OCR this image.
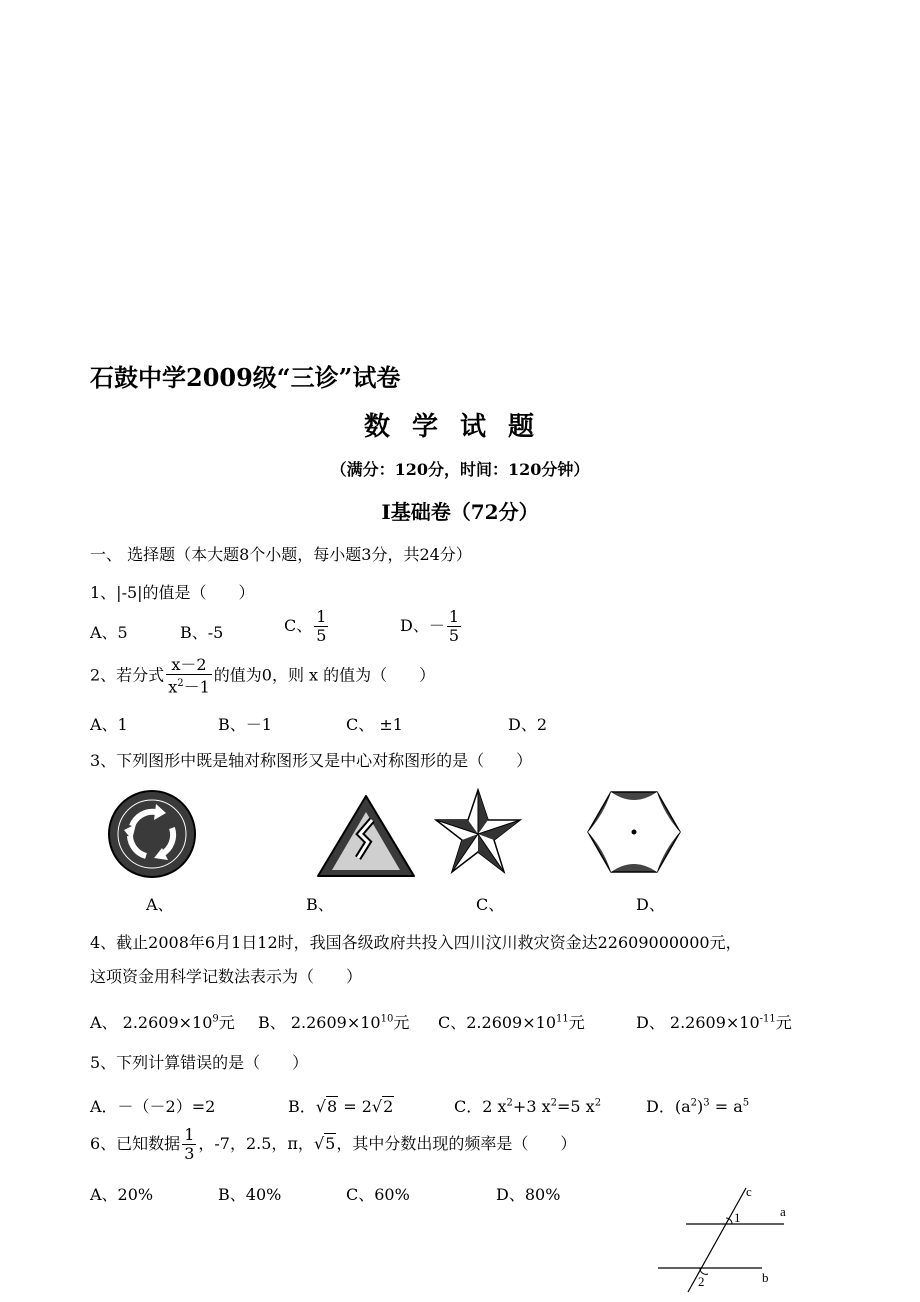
石鼓中学2009级“三诊”试卷
数学试题
（满分：120分，时间：120分钟）
Ⅰ基础卷（72分）
一、 选择题（本大题8个小题，每小题3分，共24分）
1、|-5|的值是（　　）
A、5	B、-5	C、 $\frac{1}{5}$	D、－ $\frac{1}{5}$
2、若分式 $\frac{x-2}{x^2-1}$ 的值为0，则 x 的值为（　　）
A、1	B、－1	C、 ±1	D、2
3、下列图形中既是轴对称图形又是中心对称图形的是（　　）
A、	B、	C、	D、
4、截止2008年6月1日12时，我国各级政府共投入四川汶川救灾资金达22609000000元，
这项资金用科学记数法表示为（　　）
A、 $2.2609\times 10^9$元 B、 $2.2609\times 10^{10}$元 C、$2.2609\times 10^{11}$元	D、 $2.2609\times 10^{-11}$元
5、下列计算错误的是（　　）
A．－（－2）=2	B．√8 = 2√2	C．2 $x^2+3$ $x^2=5$ $x^2$	D．$(a^2)^3 = a^5$
6、已知数据 $\frac{1}{3}$ ，-7，2.5，π，√5，其中分数出现的频率是（　　）
A、20%	B、40%	C、60%	D、80%	c
a
b
1
2
